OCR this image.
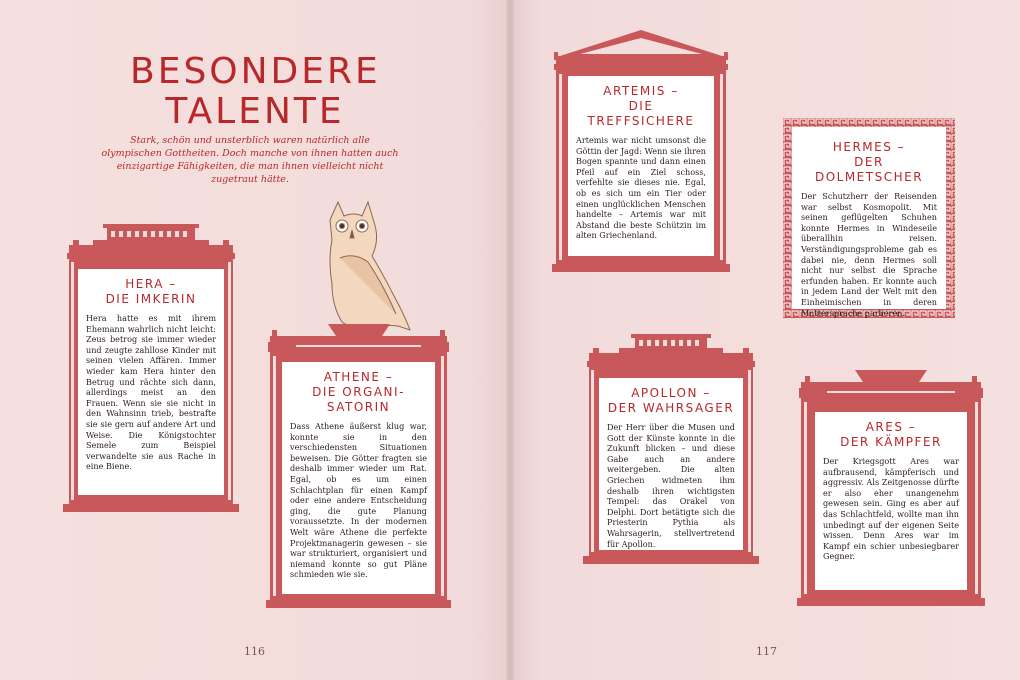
BESONDERE
TALENTE
Stark, schön und unsterblich waren natürlich alle olympischen Gottheiten. Doch manche von ihnen hatten auch einzigartige Fähigkeiten, die man ihnen vielleicht nicht zugetraut hätte.
HERA –
DIE IMKERIN

Hera hatte es mit ihrem Ehemann wahrlich nicht leicht: Zeus betrog sie immer wieder und zeugte zahllose Kinder mit seinen vielen Affären. Immer wieder kam Hera hinter den Betrug und rächte sich dann, allerdings meist an den Frauen. Wenn sie sie nicht in den Wahnsinn trieb, bestrafte sie sie gern auf andere Art und Weise. Die Königstochter Semele zum Beispiel verwandelte sie aus Rache in eine Biene.

ATHENE –
DIE ORGANI-
SATORIN

Dass Athene äußerst klug war, konnte sie in den verschiedensten Situationen beweisen. Die Götter fragten sie deshalb immer wieder um Rat. Egal, ob es um einen Schlachtplan für einen Kampf oder eine andere Entscheidung ging, die gute Planung voraussetzte. In der modernen Welt wäre Athene die perfekte Projektmanagerin gewesen – sie war strukturiert, organisiert und niemand konnte so gut Pläne schmieden wie sie.

ARTEMIS –
DIE TREFFSICHERE

Artemis war nicht umsonst die Göttin der Jagd: Wenn sie ihren Bogen spannte und dann einen Pfeil auf ein Ziel schoss, verfehlte sie dieses nie. Egal, ob es sich um ein Tier oder einen unglücklichen Menschen handelte – Artemis war mit Abstand die beste Schützin im alten Griechenland.

HERMES –
DER DOLMETSCHER

Der Schutzherr der Reisenden war selbst Kosmopolit. Mit seinen geflügelten Schuhen konnte Hermes in Windeseile überallhin reisen. Verständigungsprobleme gab es dabei nie, denn Hermes soll nicht nur selbst die Sprache erfunden haben. Er konnte auch in jedem Land der Welt mit den Einheimischen in deren Muttersprache parlieren.

APOLLON –
DER WAHRSAGER

Der Herr über die Musen und Gott der Künste konnte in die Zukunft blicken – und diese Gabe auch an andere weitergeben. Die alten Griechen widmeten ihm deshalb ihren wichtigsten Tempel: das Orakel von Delphi. Dort betätigte sich die Priesterin Pythia als Wahrsagerin, stellvertretend für Apollon.

ARES –
DER KÄMPFER

Der Kriegsgott Ares war aufbrausend, kämpferisch und aggressiv. Als Zeitgenosse dürfte er also eher unangenehm gewesen sein. Ging es aber auf das Schlachtfeld, wollte man ihn unbedingt auf der eigenen Seite wissen. Denn Ares war im Kampf ein schier unbesiegbarer Gegner.

116	117
